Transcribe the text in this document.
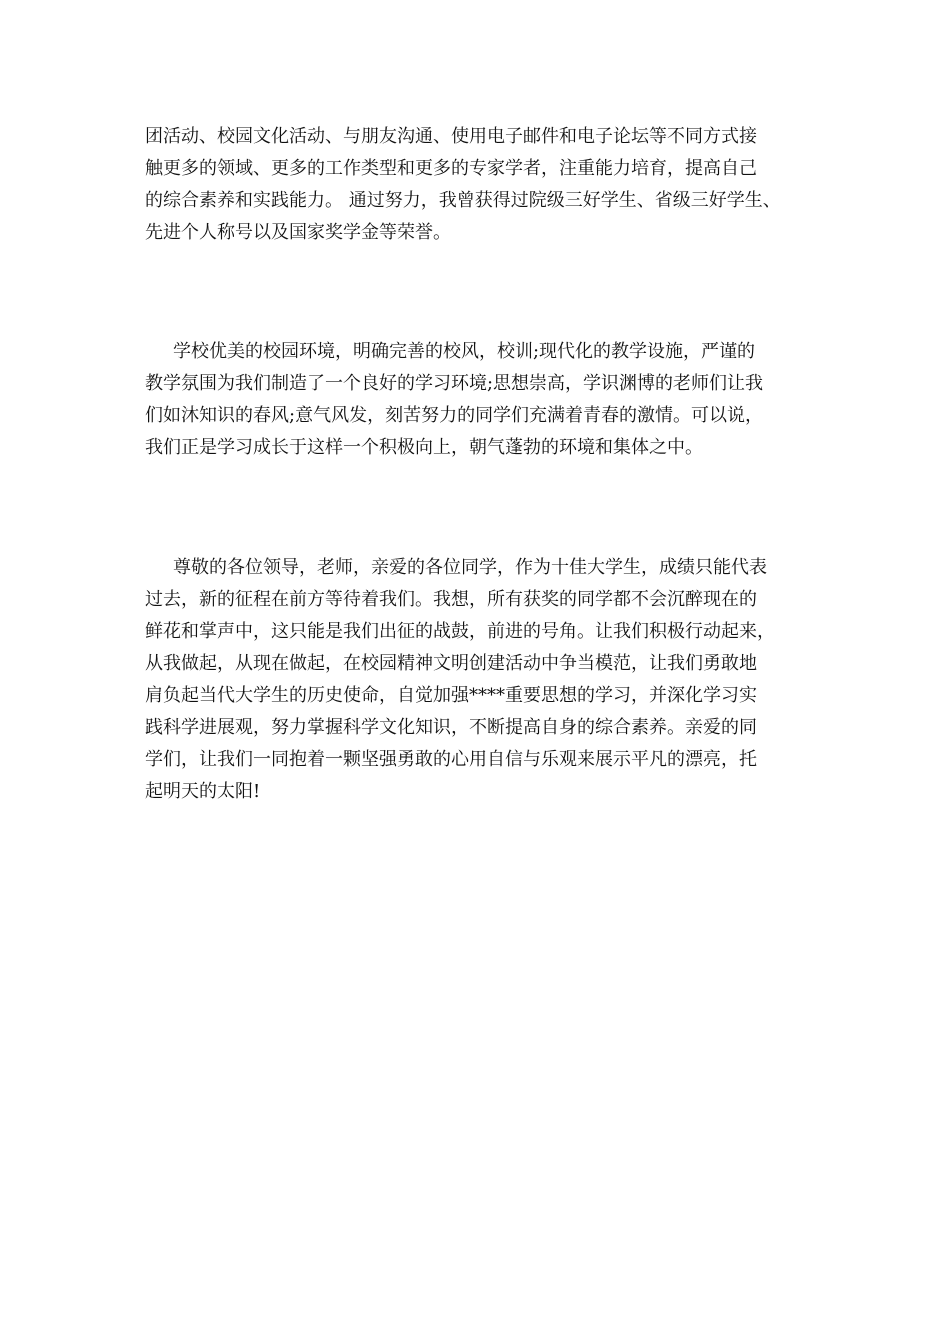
团活动、校园文化活动、与朋友沟通、使用电子邮件和电子论坛等不同方式接
触更多的领域、更多的工作类型和更多的专家学者，注重能力培育，提高自己
的综合素养和实践能力。 通过努力，我曾获得过院级三好学生、省级三好学生、
先进个人称号以及国家奖学金等荣誉。
学校优美的校园环境，明确完善的校风，校训;现代化的教学设施，严谨的
教学氛围为我们制造了一个良好的学习环境;思想崇高，学识渊博的老师们让我
们如沐知识的春风;意气风发，刻苦努力的同学们充满着青春的激情。可以说，
我们正是学习成长于这样一个积极向上，朝气蓬勃的环境和集体之中。
尊敬的各位领导，老师，亲爱的各位同学，作为十佳大学生，成绩只能代表
过去，新的征程在前方等待着我们。我想，所有获奖的同学都不会沉醉现在的
鲜花和掌声中，这只能是我们出征的战鼓，前进的号角。让我们积极行动起来，
从我做起，从现在做起，在校园精神文明创建活动中争当模范，让我们勇敢地
肩负起当代大学生的历史使命，自觉加强****重要思想的学习，并深化学习实
践科学进展观，努力掌握科学文化知识，不断提高自身的综合素养。亲爱的同
学们，让我们一同抱着一颗坚强勇敢的心用自信与乐观来展示平凡的漂亮，托
起明天的太阳!
